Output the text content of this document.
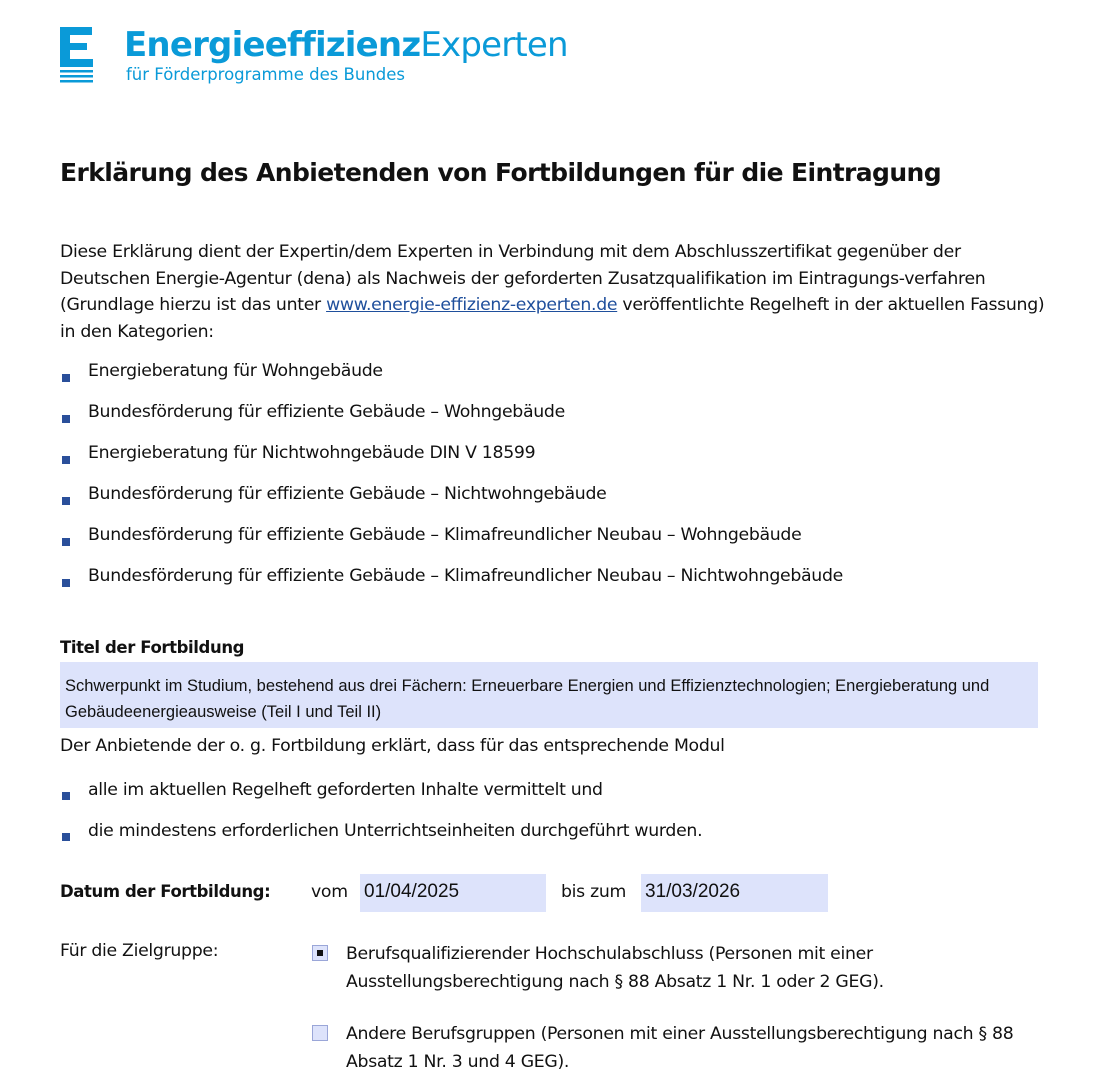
EnergieeffizienzExperten
für Förderprogramme des Bundes
Erklärung des Anbietenden von Fortbildungen für die Eintragung

Diese Erklärung dient der Expertin/dem Experten in Verbindung mit dem Abschlusszertifikat gegenüber der Deutschen Energie-Agentur (dena) als Nachweis der geforderten Zusatzqualifikation im Eintragungs-verfahren (Grundlage hierzu ist das unter www.energie-effizienz-experten.de veröffentlichte Regelheft in der aktuellen Fassung) in den Kategorien:

Energieberatung für Wohngebäude
Bundesförderung für effiziente Gebäude – Wohngebäude
Energieberatung für Nichtwohngebäude DIN V 18599
Bundesförderung für effiziente Gebäude – Nichtwohngebäude
Bundesförderung für effiziente Gebäude – Klimafreundlicher Neubau – Wohngebäude
Bundesförderung für effiziente Gebäude – Klimafreundlicher Neubau – Nichtwohngebäude

Titel der Fortbildung

Schwerpunkt im Studium, bestehend aus drei Fächern: Erneuerbare Energien und Effizienztechnologien; Energieberatung und Gebäudeenergieausweise (Teil I und Teil II)

Der Anbietende der o. g. Fortbildung erklärt, dass für das entsprechende Modul

alle im aktuellen Regelheft geforderten Inhalte vermittelt und
die mindestens erforderlichen Unterrichtseinheiten durchgeführt wurden.
Datum der Fortbildung: vom 01/04/2025	bis zum 31/03/2026
Für die Zielgruppe:	Berufsqualifizierender Hochschulabschluss (Personen mit einer Ausstellungsberechtigung nach § 88 Absatz 1 Nr. 1 oder 2 GEG).
Andere Berufsgruppen (Personen mit einer Ausstellungsberechtigung nach § 88 Absatz 1 Nr. 3 und 4 GEG).
